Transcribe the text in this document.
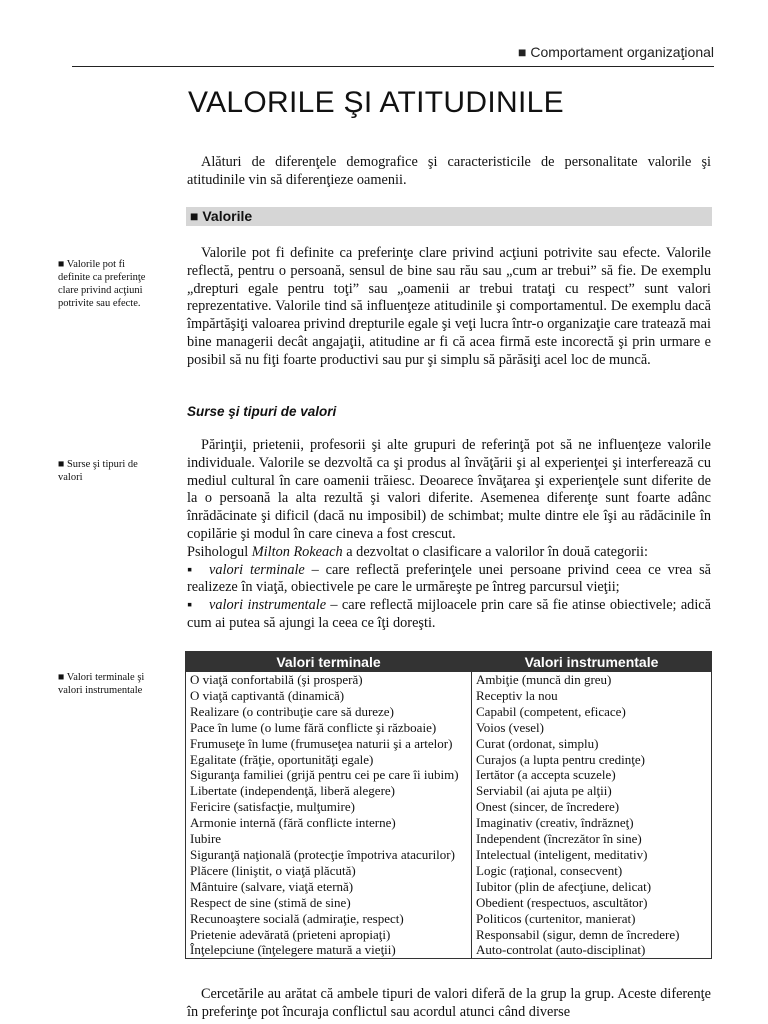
■ Comportament organizaţional
VALORILE ŞI ATITUDINILE

Alături de diferenţele demografice şi caracteristicile de personalitate valorile şi atitudinile vin să diferenţieze oamenii.

■ Valorile
■ Valorile pot fi definite ca preferinţe clare privind acţiuni potrivite sau efecte.

Valorile pot fi definite ca preferinţe clare privind acţiuni potrivite sau efecte. Valorile reflectă, pentru o persoană, sensul de bine sau rău sau „cum ar trebui” să fie. De exemplu „drepturi egale pentru toţi” sau „oamenii ar trebui trataţi cu respect” sunt valori reprezentative. Valorile tind să influenţeze atitudinile şi comportamentul. De exemplu dacă împărtăşiţi valoarea privind drepturile egale şi veţi lucra într-o organizaţie care tratează mai bine managerii decât angajaţii, atitudine ar fi că acea firmă este incorectă şi prin urmare e posibil să nu fiţi foarte productivi sau pur şi simplu să părăsiţi acel loc de muncă.

Surse şi tipuri de valori
■ Surse şi tipuri de valori

Părinţii, prietenii, profesorii şi alte grupuri de referinţă pot să ne influenţeze valorile individuale. Valorile se dezvoltă ca şi produs al învăţării şi al experienţei şi interferează cu mediul cultural în care oamenii trăiesc. Deoarece învăţarea şi experienţele sunt diferite de la o persoană la alta rezultă şi valori diferite. Asemenea diferenţe sunt foarte adânc înrădăcinate şi dificil (dacă nu imposibil) de schimbat; multe dintre ele îşi au rădăcinile în copilărie şi modul în care cineva a fost crescut.

Psihologul Milton Rokeach a dezvoltat o clasificare a valorilor în două categorii:

▪ valori terminale – care reflectă preferinţele unei persoane privind ceea ce vrea să realizeze în viaţă, obiectivele pe care le urmăreşte pe întreg parcursul vieţii;

▪ valori instrumentale – care reflectă mijloacele prin care să fie atinse obiectivele; adică cum ai putea să ajungi la ceea ce îţi doreşti.

■ Valori terminale şi valori instrumentale
Valori terminale	Valori instrumentale
O viaţă confortabilă (şi prosperă)	Ambiţie (muncă din greu)
O viaţă captivantă (dinamică)	Receptiv la nou
Realizare (o contribuţie care să dureze)	Capabil (competent, eficace)
Pace în lume (o lume fără conflicte şi războaie)	Voios (vesel)
Frumuseţe în lume (frumuseţea naturii şi a artelor)	Curat (ordonat, simplu)
Egalitate (frăţie, oportunităţi egale)	Curajos (a lupta pentru credinţe)
Siguranţa familiei (grijă pentru cei pe care îi iubim)	Iertător (a accepta scuzele)
Libertate (independenţă, liberă alegere)	Serviabil (ai ajuta pe alţii)
Fericire (satisfacţie, mulţumire)	Onest (sincer, de încredere)
Armonie internă (fără conflicte interne)	Imaginativ (creativ, îndrăzneţ)
Iubire	Independent (încrezător în sine)
Siguranţă naţională (protecţie împotriva atacurilor)	Intelectual (inteligent, meditativ)
Plăcere (liniştit, o viaţă plăcută)	Logic (raţional, consecvent)
Mântuire (salvare, viaţă eternă)	Iubitor (plin de afecţiune, delicat)
Respect de sine (stimă de sine)	Obedient (respectuos, ascultător)
Recunoaştere socială (admiraţie, respect)	Politicos (curtenitor, manierat)
Prietenie adevărată (prieteni apropiaţi)	Responsabil (sigur, demn de încredere)
Înţelepciune (înţelegere matură a vieţii)	Auto-controlat (auto-disciplinat)

Cercetările au arătat că ambele tipuri de valori diferă de la grup la grup. Aceste diferenţe în preferinţe pot încuraja conflictul sau acordul atunci când diverse
